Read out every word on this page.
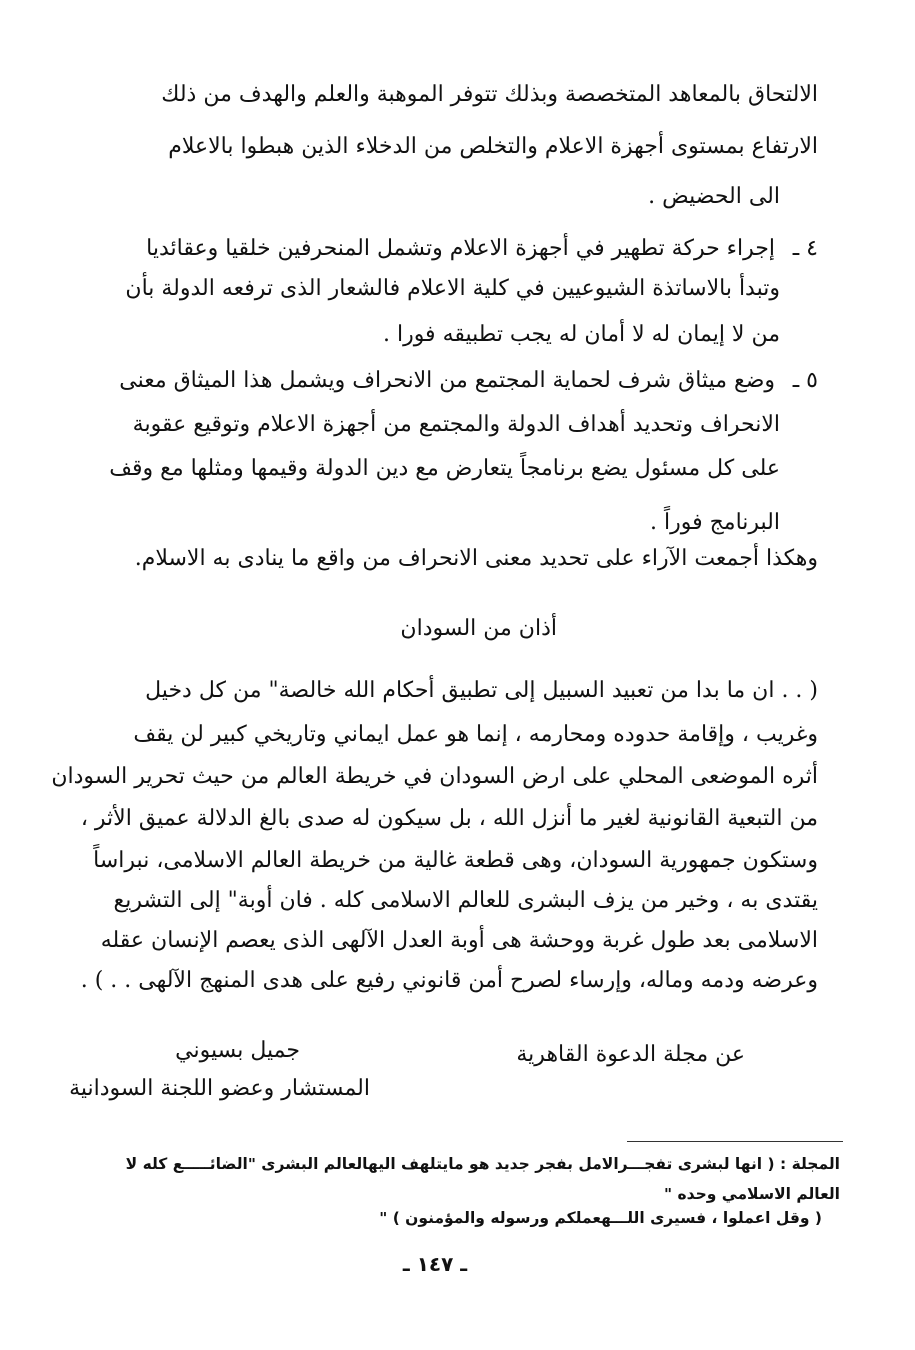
الالتحاق بالمعاهد المتخصصة وبذلك تتوفر الموهبة والعلم والهدف من ذلك
الارتفاع بمستوى أجهزة الاعلام والتخلص من الدخلاء الذين هبطوا بالاعلام
الى الحضيض .
٤ ـ
إجراء حركة تطهير في أجهزة الاعلام وتشمل المنحرفين خلقيا وعقائديا
وتبدأ بالاساتذة الشيوعيين في كلية الاعلام فالشعار الذى ترفعه الدولة بأن
من لا إيمان له لا أمان له يجب تطبيقه فورا .
٥ ـ
وضع ميثاق شرف لحماية المجتمع من الانحراف ويشمل هذا الميثاق معنى
الانحراف وتحديد أهداف الدولة والمجتمع من أجهزة الاعلام وتوقيع عقوبة
على كل مسئول يضع برنامجاً يتعارض مع دين الدولة وقيمها ومثلها مع وقف
البرنامج فوراً .
وهكذا أجمعت الآراء على تحديد معنى الانحراف من واقع ما ينادى به الاسلام.
أذان من السودان
( . . ان ما بدا من تعبيد السبيل إلى تطبيق أحكام الله خالصة" من كل دخيل
وغريب ، وإقامة حدوده ومحارمه ، إنما هو عمل ايماني وتاريخي كبير لن يقف
أثره الموضعى المحلي على ارض السودان في خريطة العالم من حيث تحرير السودان
من التبعية القانونية لغير ما أنزل الله ، بل سيكون له صدى بالغ الدلالة عميق الأثر ،
وستكون جمهورية السودان، وهى قطعة غالية من خريطة العالم الاسلامى، نبراساً
يقتدى به ، وخير من يزف البشرى للعالم الاسلامى كله . فان أوبة" إلى التشريع
الاسلامى بعد طول غربة ووحشة هى أوبة العدل الآلهى الذى يعصم الإنسان عقله
وعرضه ودمه وماله، وإرساء لصرح أمن قانوني رفيع على هدى المنهج الآلهى . . ) .
عن مجلة الدعوة القاهرية
جميل بسيوني
المستشار وعضو اللجنة السودانية
المجلة : ( انها لبشرى تفجـــرالامل بفجر جديد هو مايتلهف اليهالعالم البشرى "الضائـــــع كله لا
العالم الاسلامي وحده "
( وقل اعملوا ، فسيرى اللـــهعملكم ورسوله والمؤمنون ) "
ـ ١٤٧ ـ
